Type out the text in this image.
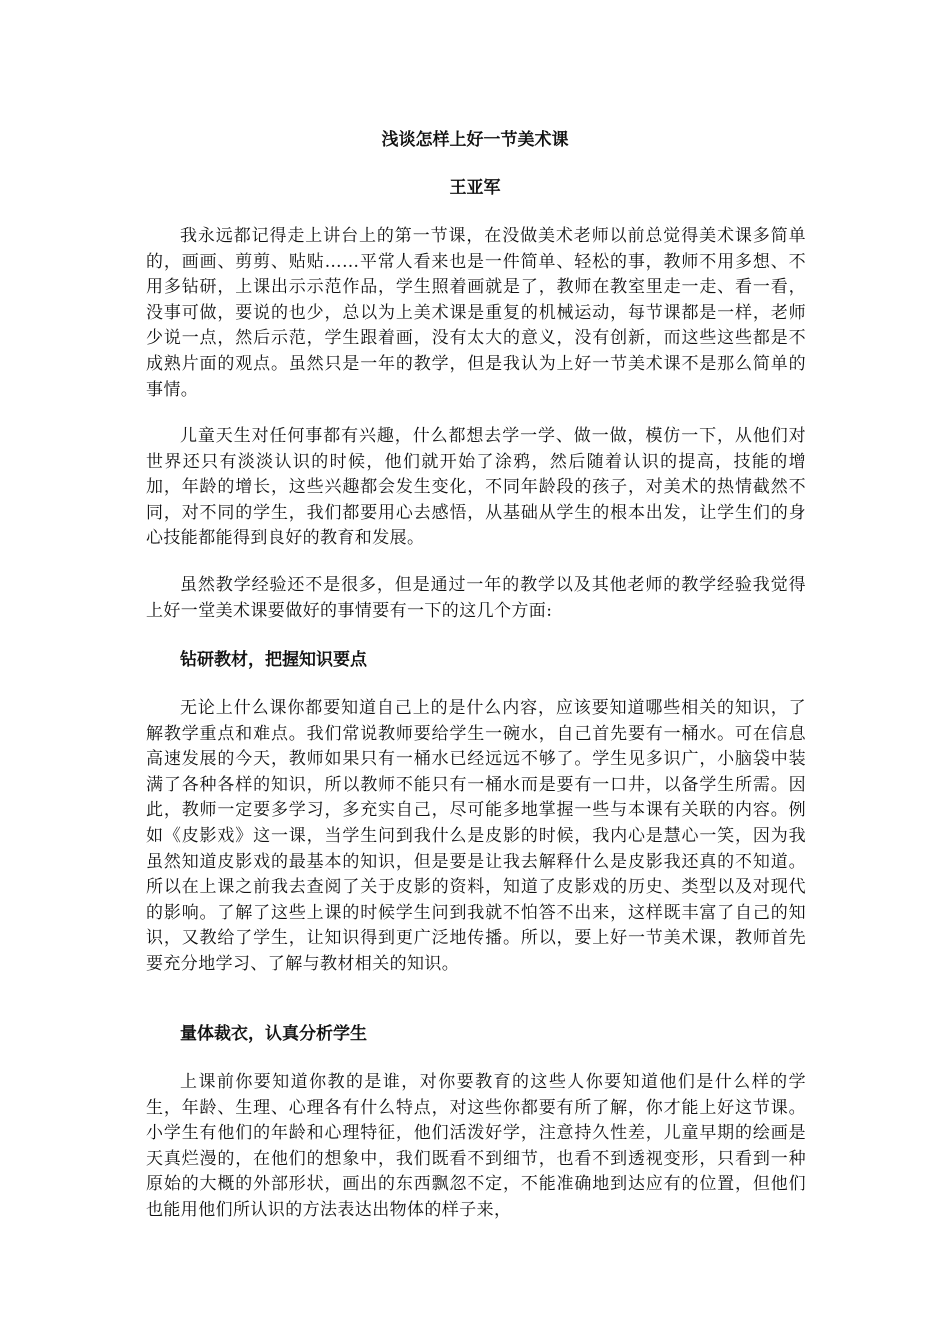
浅谈怎样上好一节美术课
王亚军

我永远都记得走上讲台上的第一节课，在没做美术老师以前总觉得美术课多简单的，画画、剪剪、贴贴……平常人看来也是一件简单、轻松的事，教师不用多想、不用多钻研，上课出示示范作品，学生照着画就是了，教师在教室里走一走、看一看，没事可做，要说的也少，总以为上美术课是重复的机械运动，每节课都是一样，老师少说一点，然后示范，学生跟着画，没有太大的意义，没有创新，而这些这些都是不成熟片面的观点。虽然只是一年的教学，但是我认为上好一节美术课不是那么简单的事情。

儿童天生对任何事都有兴趣，什么都想去学一学、做一做，模仿一下，从他们对世界还只有淡淡认识的时候，他们就开始了涂鸦，然后随着认识的提高，技能的增加，年龄的增长，这些兴趣都会发生变化，不同年龄段的孩子，对美术的热情截然不同，对不同的学生，我们都要用心去感悟，从基础从学生的根本出发，让学生们的身心技能都能得到良好的教育和发展。

虽然教学经验还不是很多，但是通过一年的教学以及其他老师的教学经验我觉得上好一堂美术课要做好的事情要有一下的这几个方面:

钻研教材，把握知识要点

无论上什么课你都要知道自己上的是什么内容，应该要知道哪些相关的知识，了解教学重点和难点。我们常说教师要给学生一碗水，自己首先要有一桶水。可在信息高速发展的今天，教师如果只有一桶水已经远远不够了。学生见多识广，小脑袋中装满了各种各样的知识，所以教师不能只有一桶水而是要有一口井，以备学生所需。因此，教师一定要多学习，多充实自己，尽可能多地掌握一些与本课有关联的内容。例如《皮影戏》这一课，当学生问到我什么是皮影的时候，我内心是慧心一笑，因为我虽然知道皮影戏的最基本的知识，但是要是让我去解释什么是皮影我还真的不知道。所以在上课之前我去查阅了关于皮影的资料，知道了皮影戏的历史、类型以及对现代的影响。了解了这些上课的时候学生问到我就不怕答不出来，这样既丰富了自己的知识，又教给了学生，让知识得到更广泛地传播。所以，要上好一节美术课，教师首先要充分地学习、了解与教材相关的知识。

量体裁衣，认真分析学生

上课前你要知道你教的是谁，对你要教育的这些人你要知道他们是什么样的学生，年龄、生理、心理各有什么特点，对这些你都要有所了解，你才能上好这节课。小学生有他们的年龄和心理特征，他们活泼好学，注意持久性差，儿童早期的绘画是天真烂漫的，在他们的想象中，我们既看不到细节，也看不到透视变形，只看到一种原始的大概的外部形状，画出的东西飘忽不定，不能准确地到达应有的位置，但他们也能用他们所认识的方法表达出物体的样子来，
